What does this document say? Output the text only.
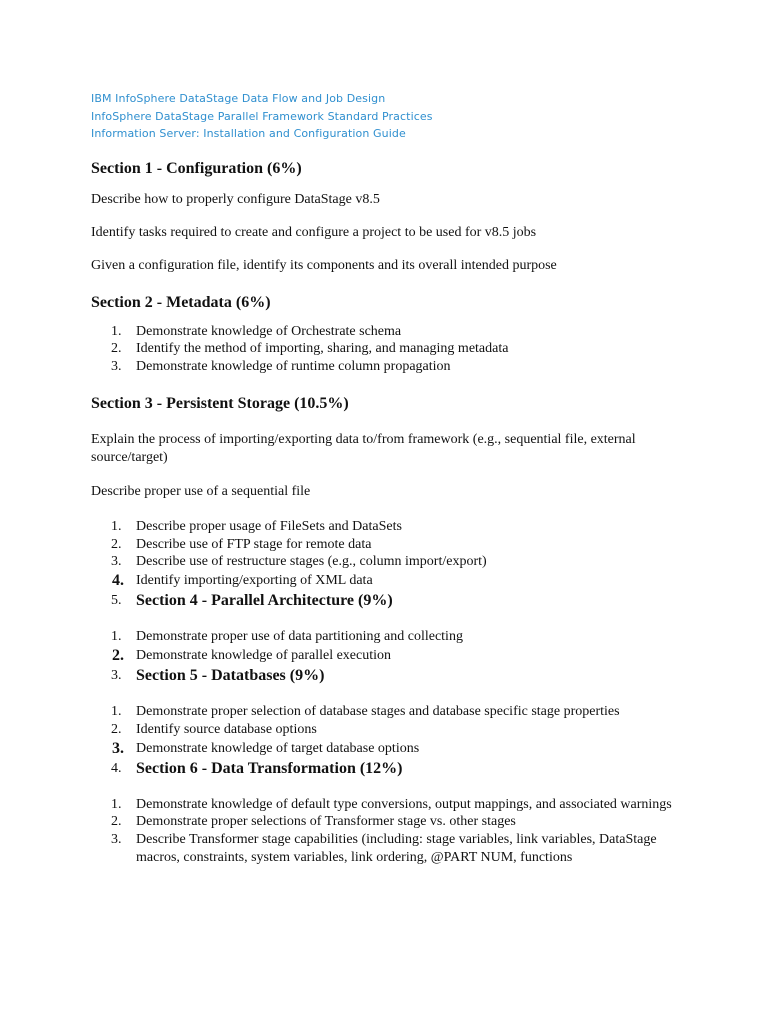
IBM InfoSphere DataStage Data Flow and Job Design
InfoSphere DataStage Parallel Framework Standard Practices
Information Server: Installation and Configuration Guide
Section 1 - Configuration (6%)
Describe how to properly configure DataStage v8.5
Identify tasks required to create and configure a project to be used for v8.5 jobs
Given a configuration file, identify its components and its overall intended purpose
Section 2 - Metadata (6%)
1. Demonstrate knowledge of Orchestrate schema
2. Identify the method of importing, sharing, and managing metadata
3. Demonstrate knowledge of runtime column propagation
Section 3 - Persistent Storage (10.5%)
Explain the process of importing/exporting data to/from framework (e.g., sequential file, external source/target)
Describe proper use of a sequential file
1. Describe proper usage of FileSets and DataSets
2. Describe use of FTP stage for remote data
3. Describe use of restructure stages (e.g., column import/export)
4. Identify importing/exporting of XML data
5. Section 4 - Parallel Architecture (9%)
1. Demonstrate proper use of data partitioning and collecting
2. Demonstrate knowledge of parallel execution
3. Section 5 - Datatbases (9%)
1. Demonstrate proper selection of database stages and database specific stage properties
2. Identify source database options
3. Demonstrate knowledge of target database options
4. Section 6 - Data Transformation (12%)
1. Demonstrate knowledge of default type conversions, output mappings, and associated warnings
2. Demonstrate proper selections of Transformer stage vs. other stages
3. Describe Transformer stage capabilities (including: stage variables, link variables, DataStage macros, constraints, system variables, link ordering, @PART NUM, functions
